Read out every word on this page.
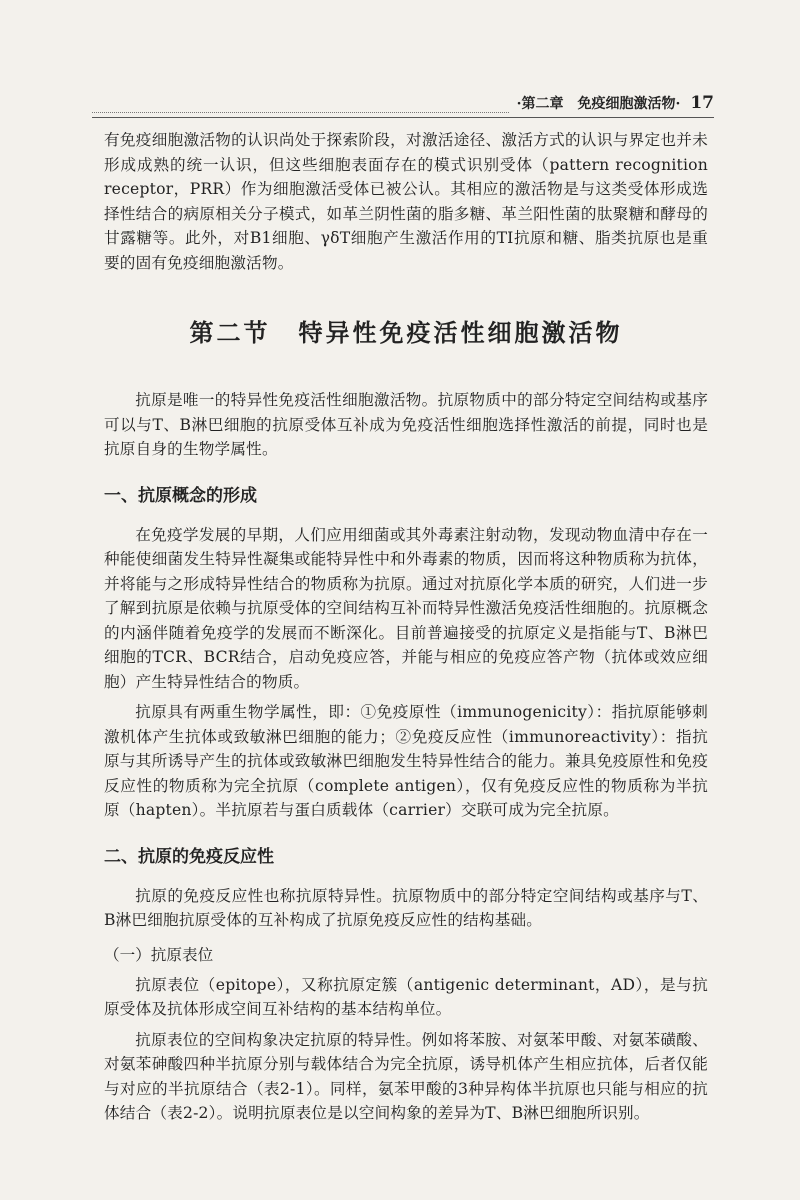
·第二章　免疫细胞激活物· 17

有免疫细胞激活物的认识尚处于探索阶段，对激活途径、激活方式的认识与界定也并未形成成熟的统一认识，但这些细胞表面存在的模式识别受体（pattern recognition receptor，PRR）作为细胞激活受体已被公认。其相应的激活物是与这类受体形成选择性结合的病原相关分子模式，如革兰阴性菌的脂多糖、革兰阳性菌的肽聚糖和酵母的甘露糖等。此外，对B1细胞、γδT细胞产生激活作用的TI抗原和糖、脂类抗原也是重要的固有免疫细胞激活物。

第二节 特异性免疫活性细胞激活物

抗原是唯一的特异性免疫活性细胞激活物。抗原物质中的部分特定空间结构或基序可以与T、B淋巴细胞的抗原受体互补成为免疫活性细胞选择性激活的前提，同时也是抗原自身的生物学属性。

一、抗原概念的形成

在免疫学发展的早期，人们应用细菌或其外毒素注射动物，发现动物血清中存在一种能使细菌发生特异性凝集或能特异性中和外毒素的物质，因而将这种物质称为抗体，并将能与之形成特异性结合的物质称为抗原。通过对抗原化学本质的研究，人们进一步了解到抗原是依赖与抗原受体的空间结构互补而特异性激活免疫活性细胞的。抗原概念的内涵伴随着免疫学的发展而不断深化。目前普遍接受的抗原定义是指能与T、B淋巴细胞的TCR、BCR结合，启动免疫应答，并能与相应的免疫应答产物（抗体或效应细胞）产生特异性结合的物质。

抗原具有两重生物学属性，即：①免疫原性（immunogenicity）：指抗原能够刺激机体产生抗体或致敏淋巴细胞的能力；②免疫反应性（immunoreactivity）：指抗原与其所诱导产生的抗体或致敏淋巴细胞发生特异性结合的能力。兼具免疫原性和免疫反应性的物质称为完全抗原（complete antigen），仅有免疫反应性的物质称为半抗原（hapten）。半抗原若与蛋白质载体（carrier）交联可成为完全抗原。

二、抗原的免疫反应性

抗原的免疫反应性也称抗原特异性。抗原物质中的部分特定空间结构或基序与T、B淋巴细胞抗原受体的互补构成了抗原免疫反应性的结构基础。

（一）抗原表位

抗原表位（epitope），又称抗原定簇（antigenic determinant，AD），是与抗原受体及抗体形成空间互补结构的基本结构单位。

抗原表位的空间构象决定抗原的特异性。例如将苯胺、对氨苯甲酸、对氨苯磺酸、对氨苯砷酸四种半抗原分别与载体结合为完全抗原，诱导机体产生相应抗体，后者仅能与对应的半抗原结合（表2-1）。同样，氨苯甲酸的3种异构体半抗原也只能与相应的抗体结合（表2-2）。说明抗原表位是以空间构象的差异为T、B淋巴细胞所识别。
